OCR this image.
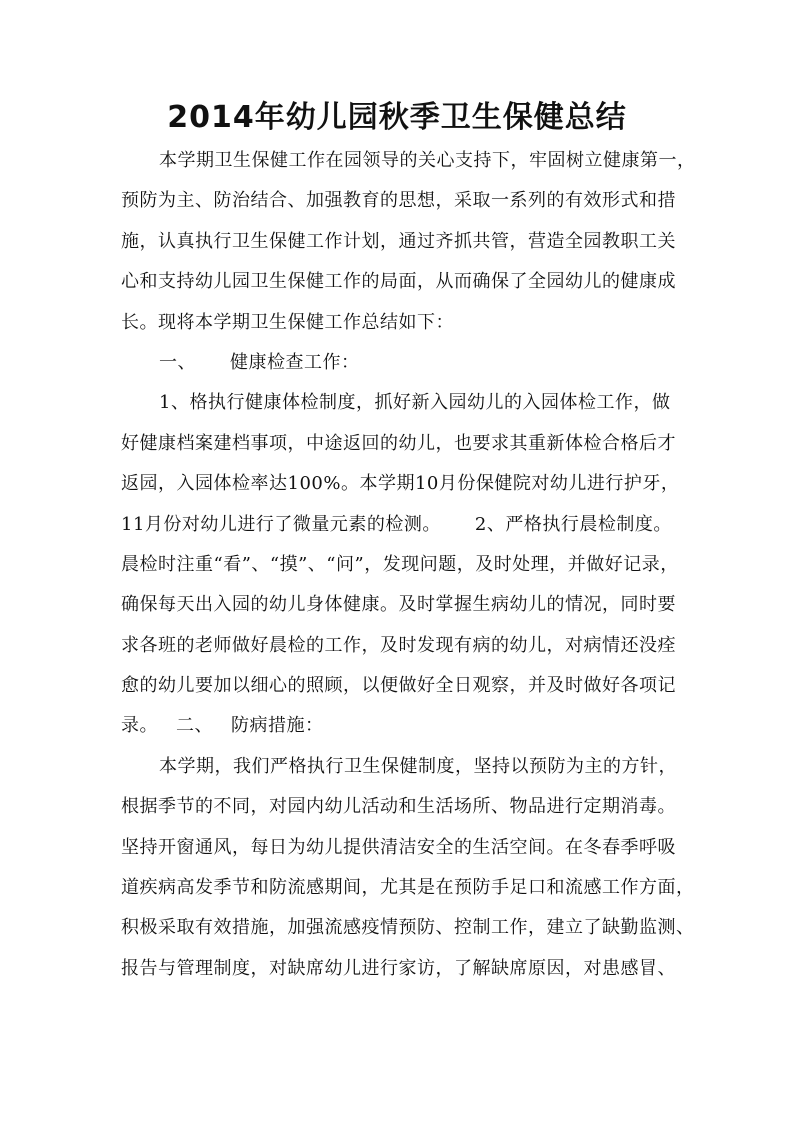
2014年幼儿园秋季卫生保健总结
本学期卫生保健工作在园领导的关心支持下，牢固树立健康第一，
预防为主、防治结合、加强教育的思想，采取一系列的有效形式和措
施，认真执行卫生保健工作计划，通过齐抓共管，营造全园教职工关
心和支持幼儿园卫生保健工作的局面，从而确保了全园幼儿的健康成
长。现将本学期卫生保健工作总结如下：
一、 健康检查工作：
1、格执行健康体检制度，抓好新入园幼儿的入园体检工作，做
好健康档案建档事项，中途返回的幼儿，也要求其重新体检合格后才
返园，入园体检率达100%。本学期10月份保健院对幼儿进行护牙，
11月份对幼儿进行了微量元素的检测。 2、严格执行晨检制度。
晨检时注重“看”、“摸”、“问”，发现问题，及时处理，并做好记录，
确保每天出入园的幼儿身体健康。及时掌握生病幼儿的情况，同时要
求各班的老师做好晨检的工作，及时发现有病的幼儿，对病情还没痊
愈的幼儿要加以细心的照顾，以便做好全日观察，并及时做好各项记
录。 二、 防病措施：
本学期，我们严格执行卫生保健制度，坚持以预防为主的方针，
根据季节的不同，对园内幼儿活动和生活场所、物品进行定期消毒。
坚持开窗通风，每日为幼儿提供清洁安全的生活空间。在冬春季呼吸
道疾病高发季节和防流感期间，尤其是在预防手足口和流感工作方面，
积极采取有效措施，加强流感疫情预防、控制工作，建立了缺勤监测、
报告与管理制度，对缺席幼儿进行家访，了解缺席原因，对患感冒、
